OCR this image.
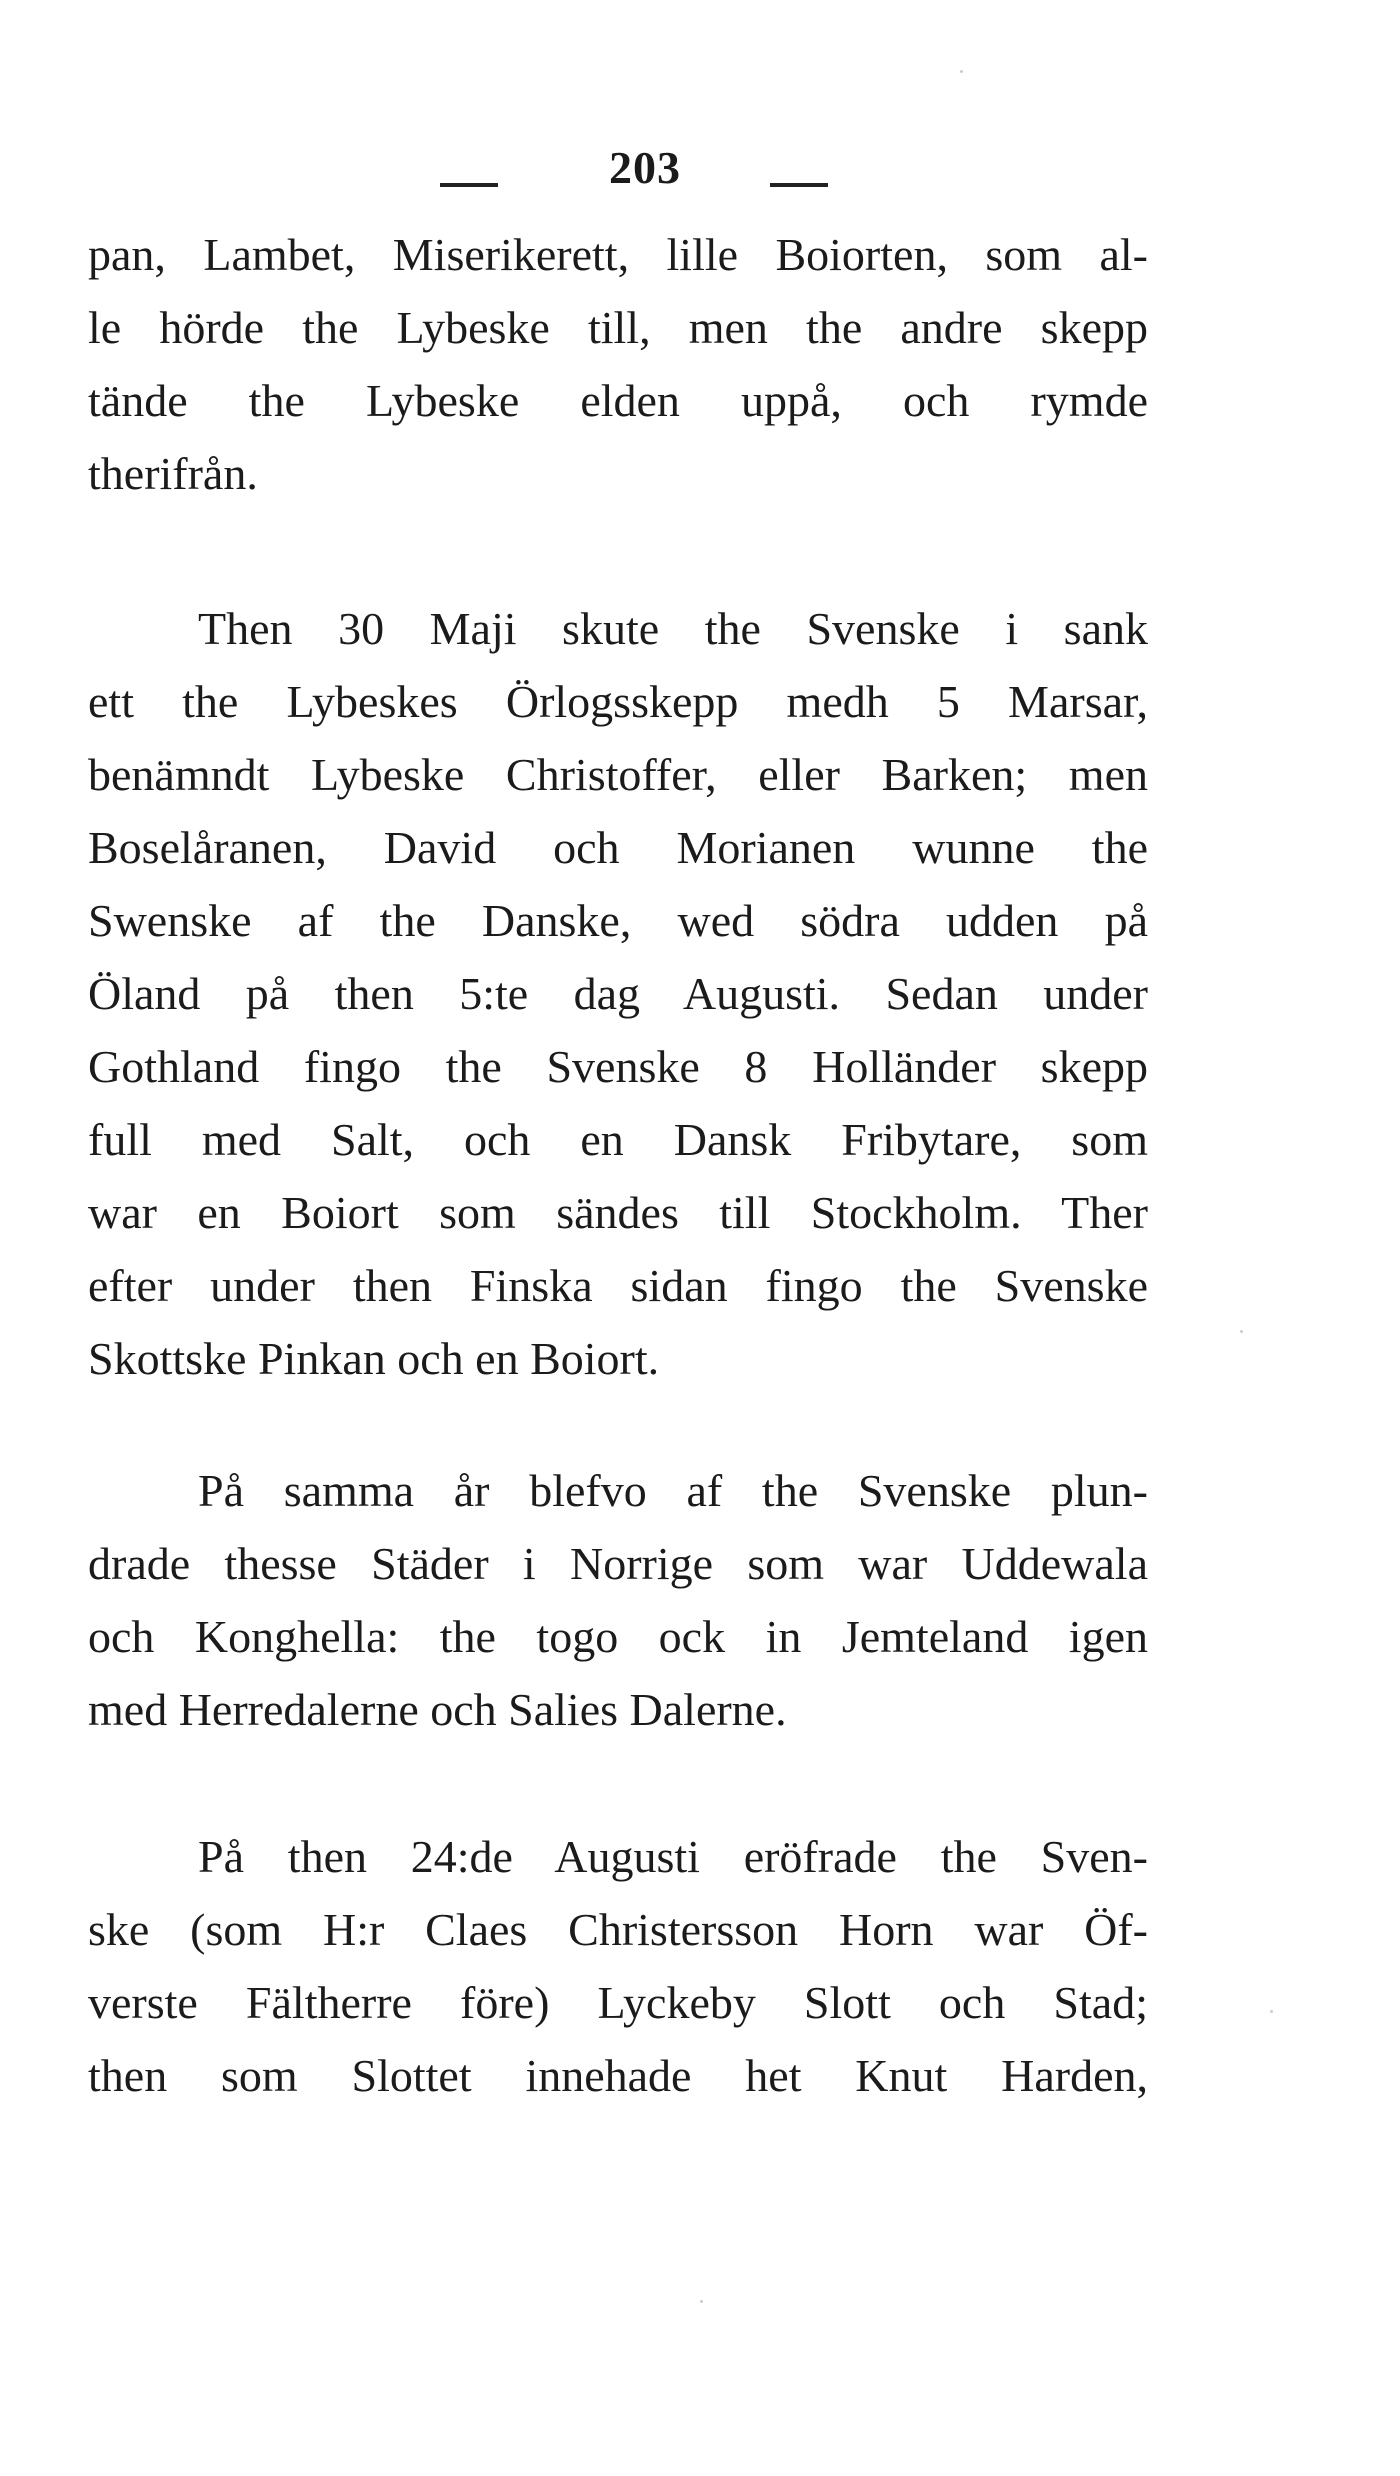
203
pan, Lambet, Miserikerett, lille Boiorten, som al-
le hörde the Lybeske till, men the andre skepp
tände the Lybeske elden uppå, och rymde
therifrån.
Then 30 Maji skute the Svenske i sank
ett the Lybeskes Örlogsskepp medh 5 Marsar,
benämndt Lybeske Christoffer, eller Barken; men
Boselåranen, David och Morianen wunne the
Swenske af the Danske, wed södra udden på
Öland på then 5:te dag Augusti. Sedan under
Gothland fingo the Svenske 8 Holländer skepp
full med Salt, och en Dansk Fribytare, som
war en Boiort som sändes till Stockholm. Ther
efter under then Finska sidan fingo the Svenske
Skottske Pinkan och en Boiort.
På samma år blefvo af the Svenske plun-
drade thesse Städer i Norrige som war Uddewala
och Konghella: the togo ock in Jemteland igen
med Herredalerne och Salies Dalerne.
På then 24:de Augusti eröfrade the Sven-
ske (som H:r Claes Christersson Horn war Öf-
verste Fältherre före) Lyckeby Slott och Stad;
then som Slottet innehade het Knut Harden,
